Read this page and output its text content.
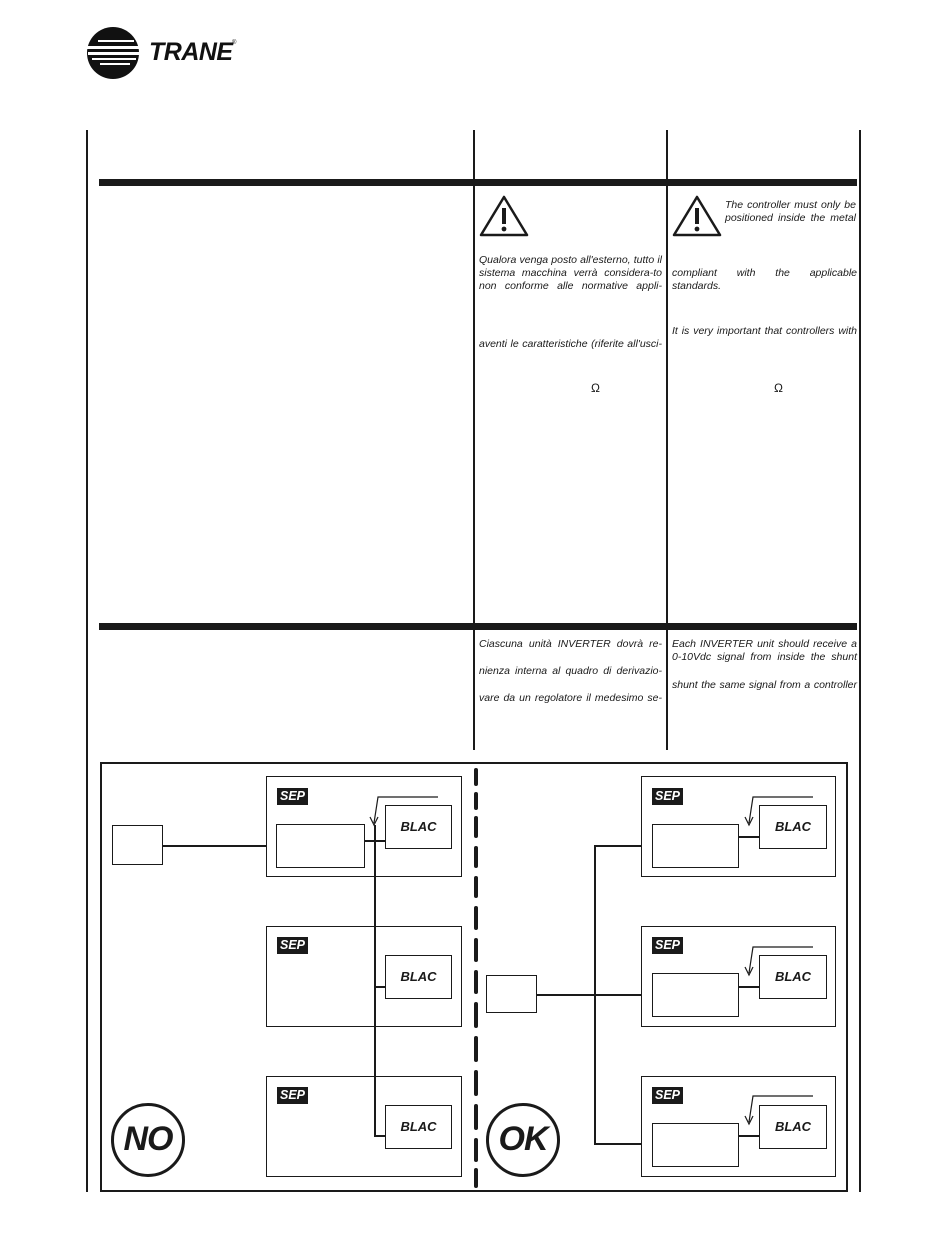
TRANE ®

The controller must only be positioned inside the metal

Qualora venga posto all'esterno, tutto il sistema macchina verrà considera-to non conforme alle normative appli-

aventi le caratteristiche (riferite all'usci-

Ω

Ciascuna unità INVERTER dovrà re-

nienza interna al quadro di derivazio-

vare da un regolatore il medesimo se-

compliant with the applicable standards.

It is very important that controllers with

Ω

Each INVERTER unit should receive a 0-10Vdc signal from inside the shunt

shunt the same signal from a controller

SEP
BLAC
SEP
BLAC
SEP
BLAC
NO
SEP
BLAC
SEP
BLAC
SEP
BLAC
OK
